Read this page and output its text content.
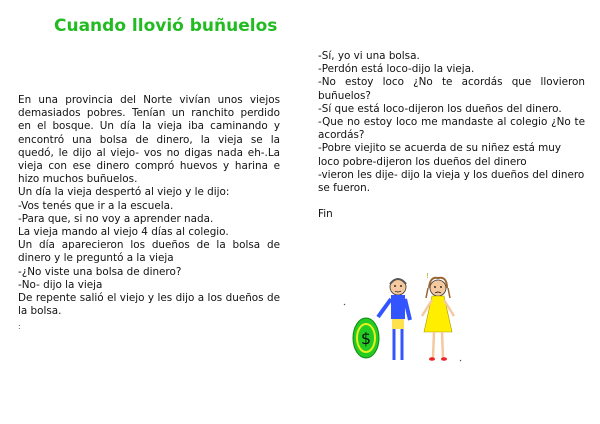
Cuando llovió buñuelos

En una provincia del Norte vivían unos viejos demasiados pobres. Tenían un ranchito perdido en el bosque. Un día la vieja iba caminando y encontró una bolsa de dinero, la vieja se la quedó, le dijo al viejo- vos no digas nada eh-.La vieja con ese dinero compró huevos y harina e hizo muchos buñuelos.

Un día la vieja despertó al viejo y le dijo:

-Vos tenés que ir a la escuela.

-Para que, si no voy a aprender nada.

La vieja mando al viejo 4 días al colegio.

Un día aparecieron los dueños de la bolsa de dinero y le preguntó a la vieja

-¿No viste una bolsa de dinero?

-No- dijo la vieja

De repente salió el viejo y les dijo a los dueños de la bolsa.

:

-Sí, yo vi una bolsa.

-Perdón está loco-dijo la vieja.

-No estoy loco ¿No te acordás que llovieron buñuelos?

-Sí que está loco-dijeron los dueños del dinero.

-Que no estoy loco me mandaste al colegio ¿No te acordás?

-Pobre viejito se acuerda de su niñez está muy loco pobre-dijeron los dueños del dinero

-vieron les dije- dijo la vieja y los dueños del dinero se fueron.

Fin

$
!
